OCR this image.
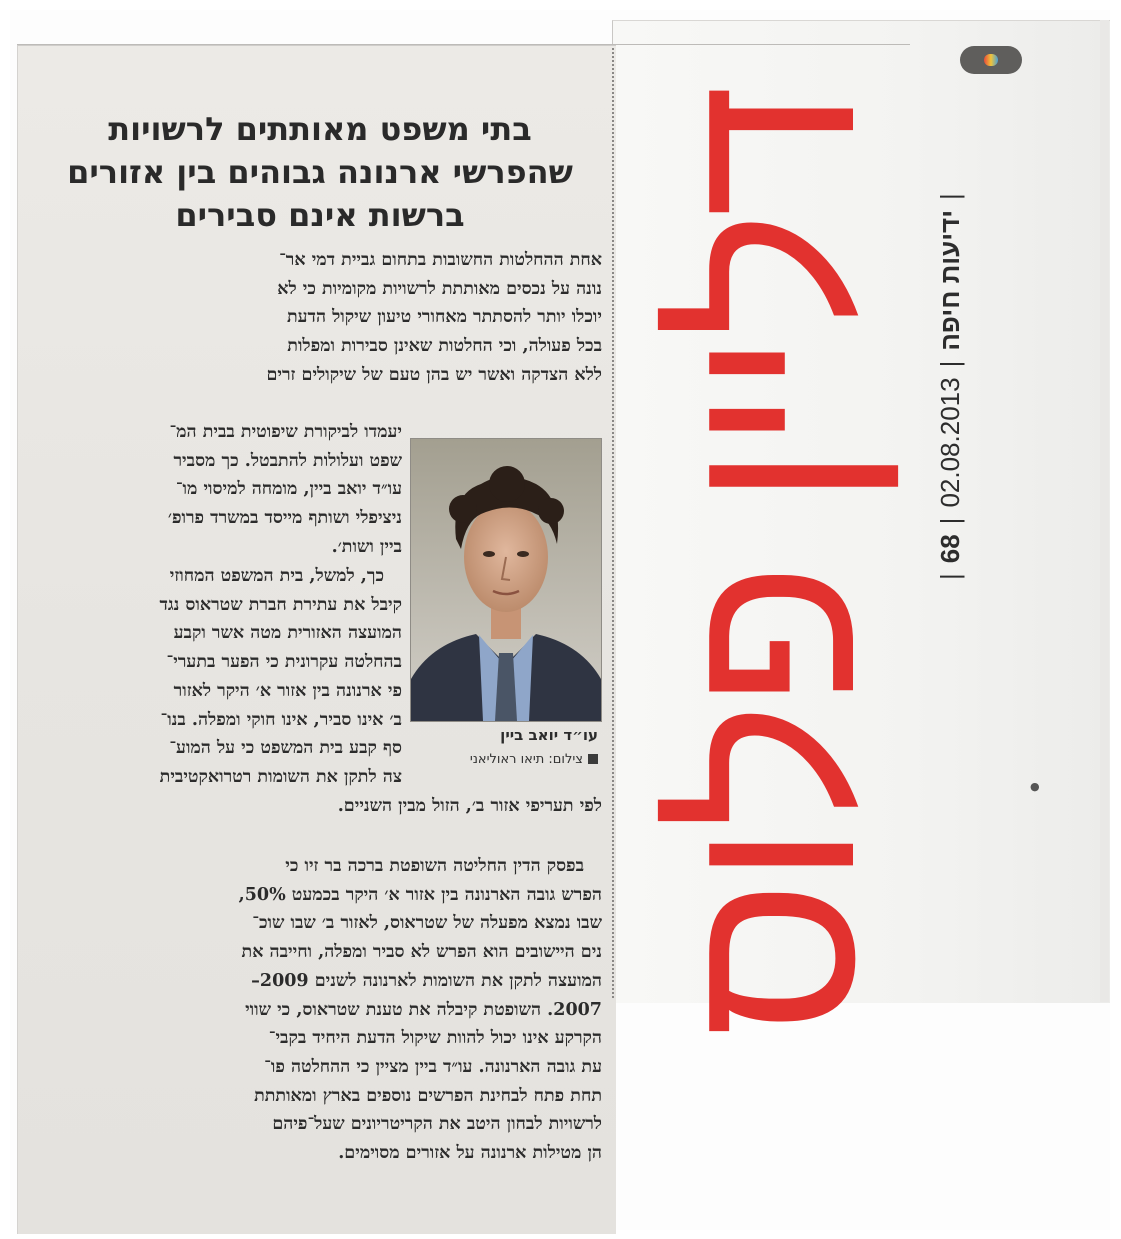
|ידיעות חיפה|02.08.2013|68|
דליין פלוס
בתי משפט מאותתים לרשויות
שהפרשי ארנונה גבוהים בין אזורים
ברשות אינם סבירים
אחת ההחלטות החשובות בתחום גביית דמי אר־
נונה על נכסים מאותתת לרשויות מקומיות כי לא
יוכלו יותר להסתתר מאחורי טיעון שיקול הדעת
בכל פעולה, וכי החלטות שאינן סבירות ומפלות
ללא הצדקה ואשר יש בהן טעם של שיקולים זרים
יעמדו לביקורת שיפוטית בבית המ־
שפט ועלולות להתבטל. כך מסביר
עו״ד יואב ביין, מומחה למיסוי מו־
ניציפלי ושותף מייסד במשרד פרופ׳
ביין ושות׳.
כך, למשל, בית המשפט המחוזי
קיבל את עתירת חברת שטראוס נגד
המועצה האזורית מטה אשר וקבע
בהחלטה עקרונית כי הפער בתערי־
פי ארנונה בין אזור א׳ היקר לאזור
ב׳ אינו סביר, אינו חוקי ומפלה. בנו־
סף קבע בית המשפט כי על המוע־
צה לתקן את השומות רטרואקטיבית
לפי תעריפי אזור ב׳, הזול מבין השניים.
בפסק הדין החליטה השופטת ברכה בר זיו כי
הפרש גובה הארנונה בין אזור א׳ היקר בכמעט 50%,
שבו נמצא מפעלה של שטראוס, לאזור ב׳ שבו שוכ־
נים היישובים הוא הפרש לא סביר ומפלה, וחייבה את
המועצה לתקן את השומות לארנונה לשנים 2009–
2007. השופטת קיבלה את טענת שטראוס, כי שווי
הקרקע אינו יכול להוות שיקול הדעת היחיד בקבי־
עת גובה הארנונה. עו״ד ביין מציין כי ההחלטה פו־
תחת פתח לבחינת הפרשים נוספים בארץ ומאותתת
לרשויות לבחון היטב את הקריטריונים שעל־פיהם
הן מטילות ארנונה על אזורים מסוימים.
עו״ד יואב ביין
צילום: תיאו ראוליאני
●
